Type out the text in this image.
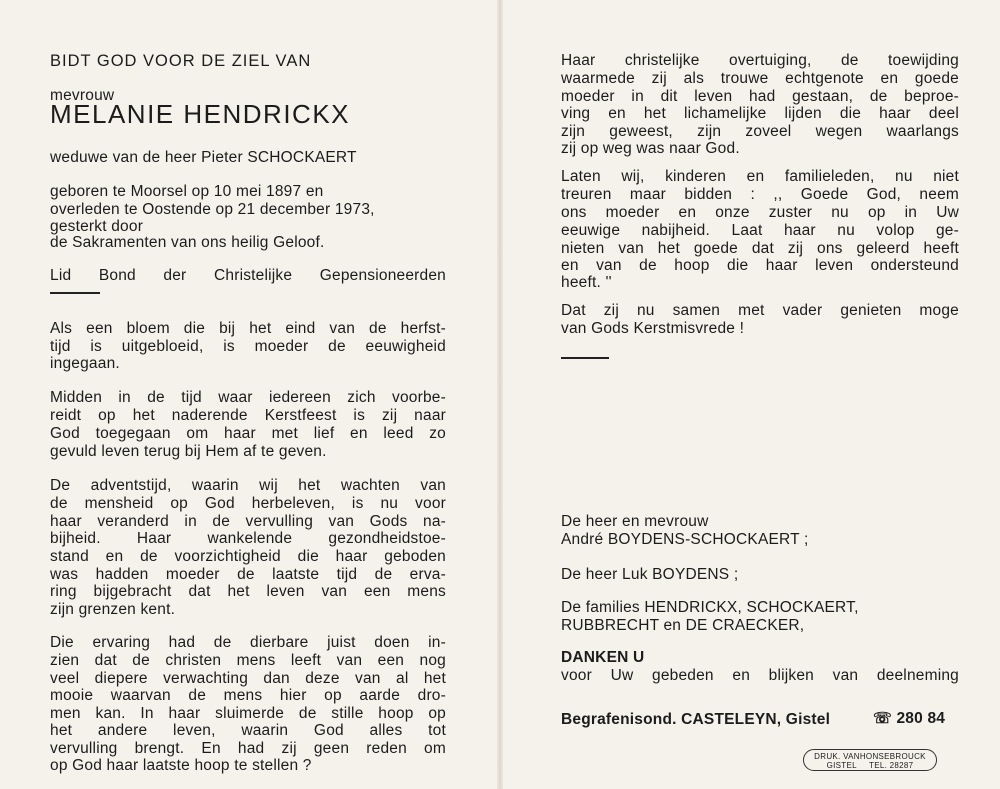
BIDT GOD VOOR DE ZIEL VAN
mevrouw
MELANIE HENDRICKX
weduwe van de heer Pieter SCHOCKAERT
geboren te Moorsel op 10 mei 1897 en
overleden te Oostende op 21 december 1973,
gesterkt door
de Sakramenten van ons heilig Geloof.
Lid Bond der Christelijke Gepensioneerden
Als een bloem die bij het eind van de herfst-
tijd is uitgebloeid, is moeder de eeuwigheid
ingegaan.
Midden in de tijd waar iedereen zich voorbe-
reidt op het naderende Kerstfeest is zij naar
God toegegaan om haar met lief en leed zo
gevuld leven terug bij Hem af te geven.
De adventstijd, waarin wij het wachten van
de mensheid op God herbeleven, is nu voor
haar veranderd in de vervulling van Gods na-
bijheid. Haar wankelende gezondheidstoe-
stand en de voorzichtigheid die haar geboden
was hadden moeder de laatste tijd de erva-
ring bijgebracht dat het leven van een mens
zijn grenzen kent.
Die ervaring had de dierbare juist doen in-
zien dat de christen mens leeft van een nog
veel diepere verwachting dan deze van al het
mooie waarvan de mens hier op aarde dro-
men kan. In haar sluimerde de stille hoop op
het andere leven, waarin God alles tot
vervulling brengt. En had zij geen reden om
op God haar laatste hoop te stellen ?
Haar christelijke overtuiging, de toewijding
waarmede zij als trouwe echtgenote en goede
moeder in dit leven had gestaan, de beproe-
ving en het lichamelijke lijden die haar deel
zijn geweest, zijn zoveel wegen waarlangs
zij op weg was naar God.
Laten wij, kinderen en familieleden, nu niet
treuren maar bidden : ,, Goede God, neem
ons moeder en onze zuster nu op in Uw
eeuwige nabijheid. Laat haar nu volop ge-
nieten van het goede dat zij ons geleerd heeft
en van de hoop die haar leven ondersteund
heeft. ''
Dat zij nu samen met vader genieten moge
van Gods Kerstmisvrede !
De heer en mevrouw
André BOYDENS-SCHOCKAERT ;
De heer Luk BOYDENS ;
De families HENDRICKX, SCHOCKAERT,
RUBBRECHT en DE CRAECKER,
DANKEN U
voor Uw gebeden en blijken van deelneming
Begrafenisond. CASTELEYN, Gistel	☏ 280 84
DRUK. VANHONSEBROUCK
GISTEL     TEL. 28287
